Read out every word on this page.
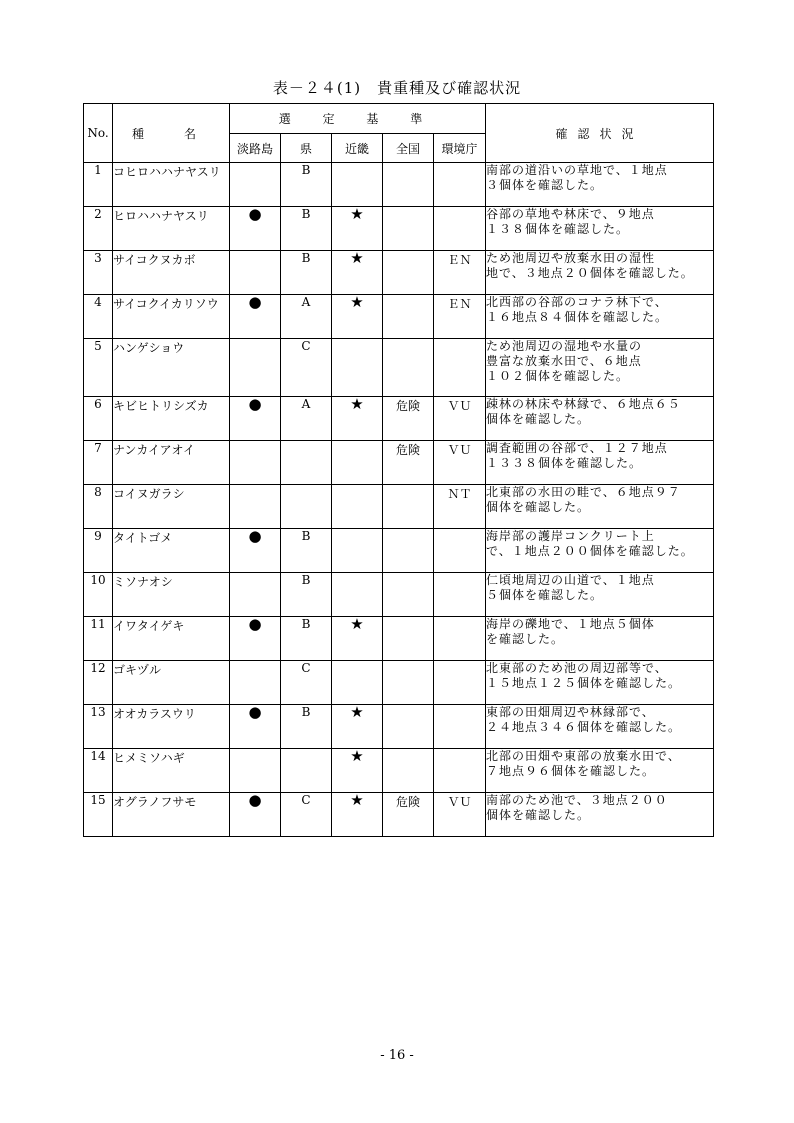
表－２４(1)　貴重種及び確認状況
No.	種　名	選 定 基 準					確認状況
		淡路島	県	近畿	全国	環境庁	
1	コヒロハハナヤスリ		B				南部の道沿いの草地で、１地点
３個体を確認した。

2	ヒロハハナヤスリ	●	B	★			谷部の草地や林床で、９地点
１３８個体を確認した。

3	サイコクヌカボ		B	★		ＥＮ	ため池周辺や放棄水田の湿性
地で、３地点２０個体を確認した。

4	サイコクイカリソウ	●	A	★		ＥＮ	北西部の谷部のコナラ林下で、
１６地点８４個体を確認した。

5	ハンゲショウ		C				ため池周辺の湿地や水量の
豊富な放棄水田で、６地点
１０２個体を確認した。

6	キビヒトリシズカ	●	A	★	危険	ＶＵ	疎林の林床や林縁で、６地点６５
個体を確認した。

7	ナンカイアオイ				危険	ＶＵ	調査範囲の谷部で、１２７地点
１３３８個体を確認した。

8	コイヌガラシ					ＮＴ	北東部の水田の畦で、６地点９７
個体を確認した。

9	タイトゴメ	●	B				海岸部の護岸コンクリート上
で、１地点２００個体を確認した。

10	ミソナオシ		B				仁頃地周辺の山道で、１地点
５個体を確認した。

11	イワタイゲキ	●	B	★			海岸の礫地で、１地点５個体
を確認した。

12	ゴキヅル		C				北東部のため池の周辺部等で、
１５地点１２５個体を確認した。

13	オオカラスウリ	●	B	★			東部の田畑周辺や林縁部で、
２４地点３４６個体を確認した。

14	ヒメミソハギ			★			北部の田畑や東部の放棄水田で、
７地点９６個体を確認した。

15	オグラノフサモ	●	C	★	危険	ＶＵ	南部のため池で、３地点２００
個体を確認した。
- 16 -
